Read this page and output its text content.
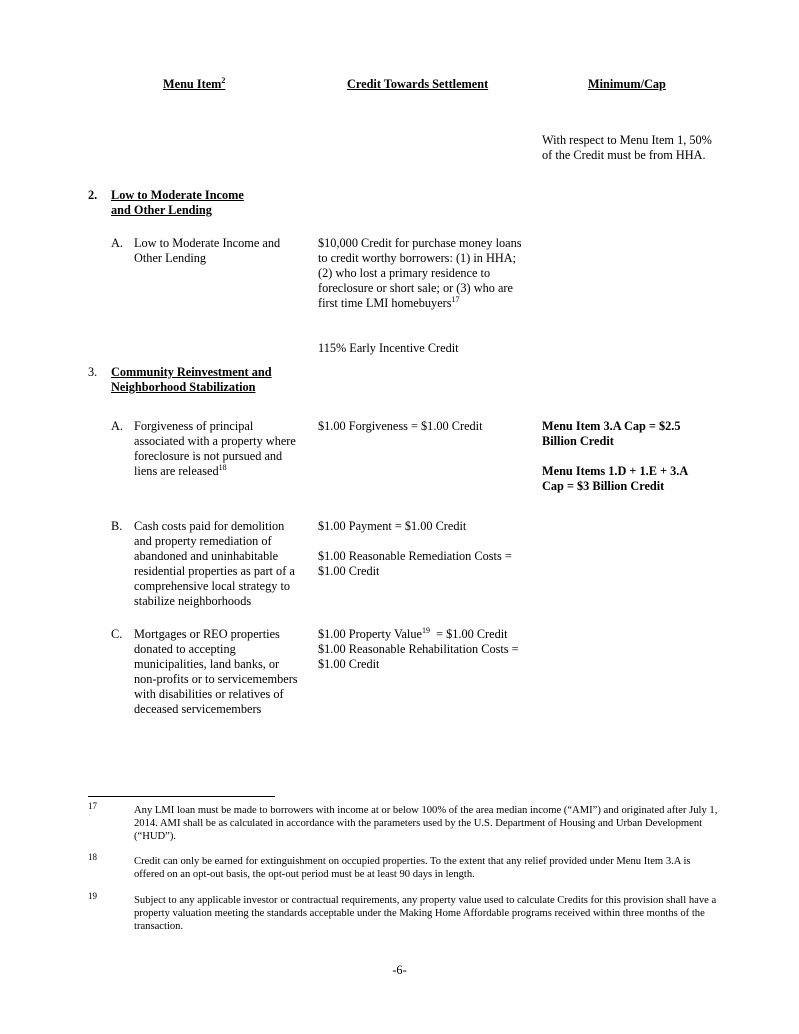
Menu Item$^2$	Credit Towards Settlement	Minimum/Cap
With respect to Menu Item 1, 50% of the Credit must be from HHA.
2. Low to Moderate Income and Other Lending
A. Low to Moderate Income and Other Lending
$10,000 Credit for purchase money loans to credit worthy borrowers: (1) in HHA; (2) who lost a primary residence to foreclosure or short sale; or (3) who are first time LMI homebuyers$^{17}$
115% Early Incentive Credit
3. Community Reinvestment and Neighborhood Stabilization
A. Forgiveness of principal associated with a property where foreclosure is not pursued and liens are released$^{18}$
$1.00 Forgiveness = $1.00 Credit	Menu Item 3.A Cap = $2.5 Billion Credit
Menu Items 1.D + 1.E + 3.A Cap = $3 Billion Credit
B. Cash costs paid for demolition and property remediation of abandoned and uninhabitable residential properties as part of a comprehensive local strategy to stabilize neighborhoods
$1.00 Payment = $1.00 Credit
$1.00 Reasonable Remediation Costs = $1.00 Credit
C. Mortgages or REO properties donated to accepting municipalities, land banks, or non-profits or to servicemembers with disabilities or relatives of deceased servicemembers
$1.00 Property Value$^{19}$  = $1.00 Credit
$1.00 Reasonable Rehabilitation Costs = $1.00 Credit
17	Any LMI loan must be made to borrowers with income at or below 100% of the area median income (“AMI”) and originated after July 1, 2014. AMI shall be as calculated in accordance with the parameters used by the U.S. Department of Housing and Urban Development (“HUD”).
18	Credit can only be earned for extinguishment on occupied properties. To the extent that any relief provided under Menu Item 3.A is offered on an opt-out basis, the opt-out period must be at least 90 days in length.
19	Subject to any applicable investor or contractual requirements, any property value used to calculate Credits for this provision shall have a property valuation meeting the standards acceptable under the Making Home Affordable programs received within three months of the transaction.
-6-
